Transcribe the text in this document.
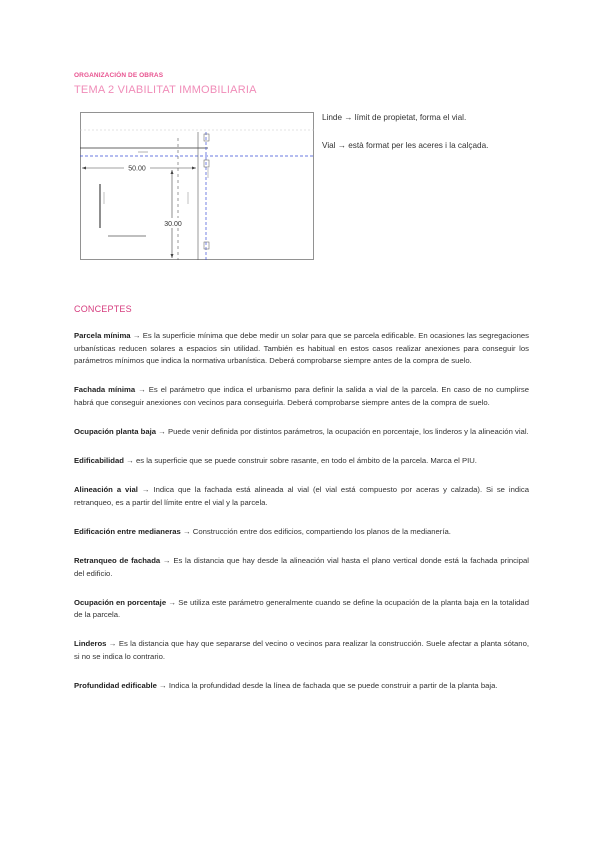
ORGANIZACIÓN DE OBRAS
TEMA 2 VIABILITAT IMMOBILIARIA
50.00
30.00

Linde → límit de propietat, forma el vial.

Vial → està format per les aceres i la calçada.

CONCEPTES

Parcela mínima → Es la superficie mínima que debe medir un solar para que se parcela edificable. En ocasiones las segregaciones urbanísticas reducen solares a espacios sin utilidad. También es habitual en estos casos realizar anexiones para conseguir los parámetros mínimos que indica la normativa urbanística. Deberá comprobarse siempre antes de la compra de suelo.

Fachada mínima → Es el parámetro que indica el urbanismo para definir la salida a vial de la parcela. En caso de no cumplirse habrá que conseguir anexiones con vecinos para conseguirla. Deberá comprobarse siempre antes de la compra de suelo.

Ocupación planta baja → Puede venir definida por distintos parámetros, la ocupación en porcentaje, los linderos y la alineación vial.

Edificabilidad → es la superficie que se puede construir sobre rasante, en todo el ámbito de la parcela. Marca el PIU.

Alineación a vial → Indica que la fachada está alineada al vial (el vial está compuesto por aceras y calzada). Si se indica retranqueo, es a partir del límite entre el vial y la parcela.

Edificación entre medianeras → Construcción entre dos edificios, compartiendo los planos de la medianería.

Retranqueo de fachada → Es la distancia que hay desde la alineación vial hasta el plano vertical donde está la fachada principal del edificio.

Ocupación en porcentaje → Se utiliza este parámetro generalmente cuando se define la ocupación de la planta baja en la totalidad de la parcela.

Linderos → Es la distancia que hay que separarse del vecino o vecinos para realizar la construcción. Suele afectar a planta sótano, si no se indica lo contrario.

Profundidad edificable → Indica la profundidad desde la línea de fachada que se puede construir a partir de la planta baja.
